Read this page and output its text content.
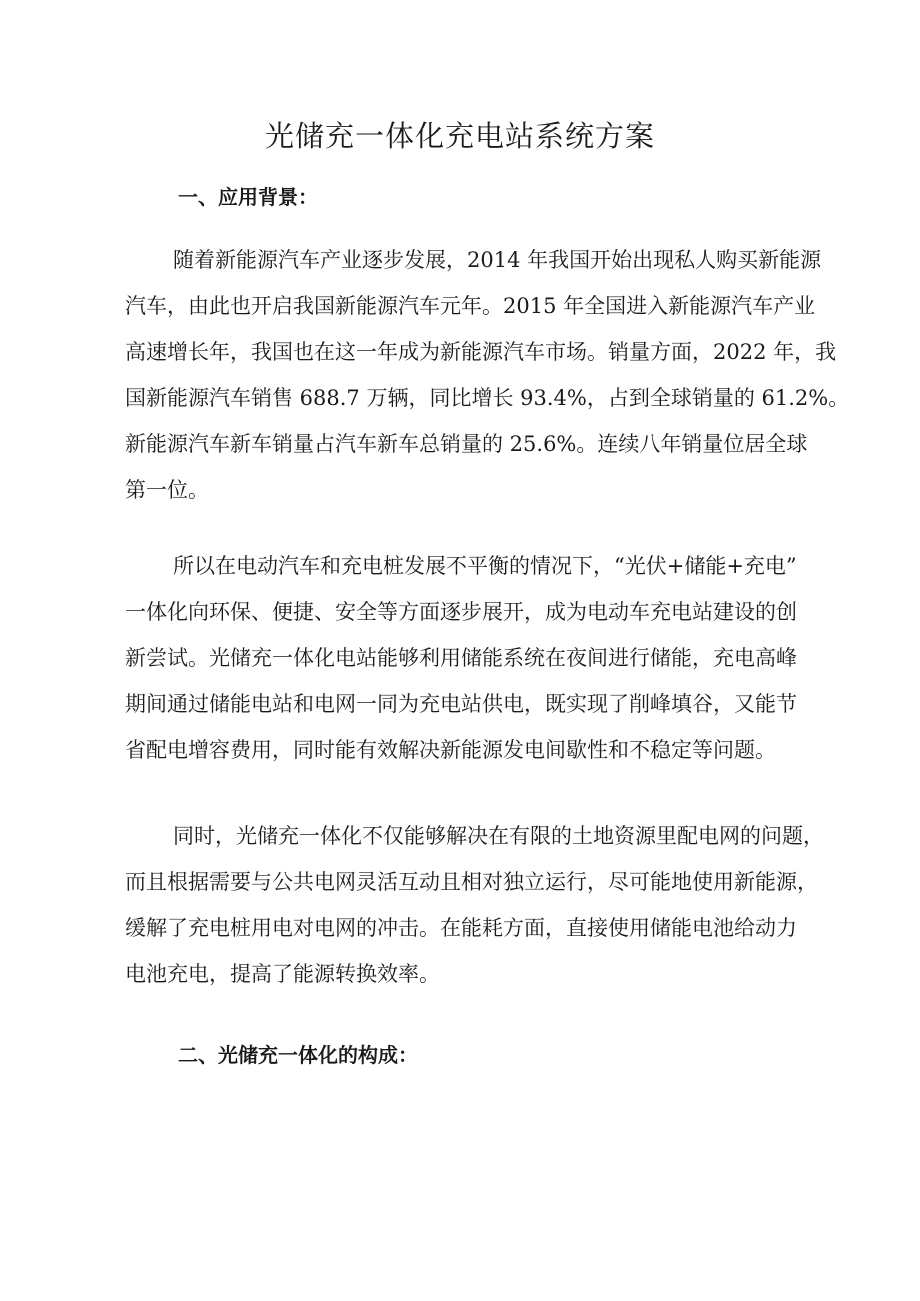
光储充一体化充电站系统方案
一、应用背景：
随着新能源汽车产业逐步发展，2014 年我国开始出现私人购买新能源
汽车，由此也开启我国新能源汽车元年。2015 年全国进入新能源汽车产业
高速增长年，我国也在这一年成为新能源汽车市场。销量方面，2022 年，我
国新能源汽车销售 688.7 万辆，同比增长 93.4%，占到全球销量的 61.2%。
新能源汽车新车销量占汽车新车总销量的 25.6%。连续八年销量位居全球
第一位。
所以在电动汽车和充电桩发展不平衡的情况下，“光伏+储能+充电”
一体化向环保、便捷、安全等方面逐步展开，成为电动车充电站建设的创
新尝试。光储充一体化电站能够利用储能系统在夜间进行储能，充电高峰
期间通过储能电站和电网一同为充电站供电，既实现了削峰填谷，又能节
省配电增容费用，同时能有效解决新能源发电间歇性和不稳定等问题。
同时，光储充一体化不仅能够解决在有限的土地资源里配电网的问题，
而且根据需要与公共电网灵活互动且相对独立运行，尽可能地使用新能源，
缓解了充电桩用电对电网的冲击。在能耗方面，直接使用储能电池给动力
电池充电，提高了能源转换效率。
二、光储充一体化的构成：
